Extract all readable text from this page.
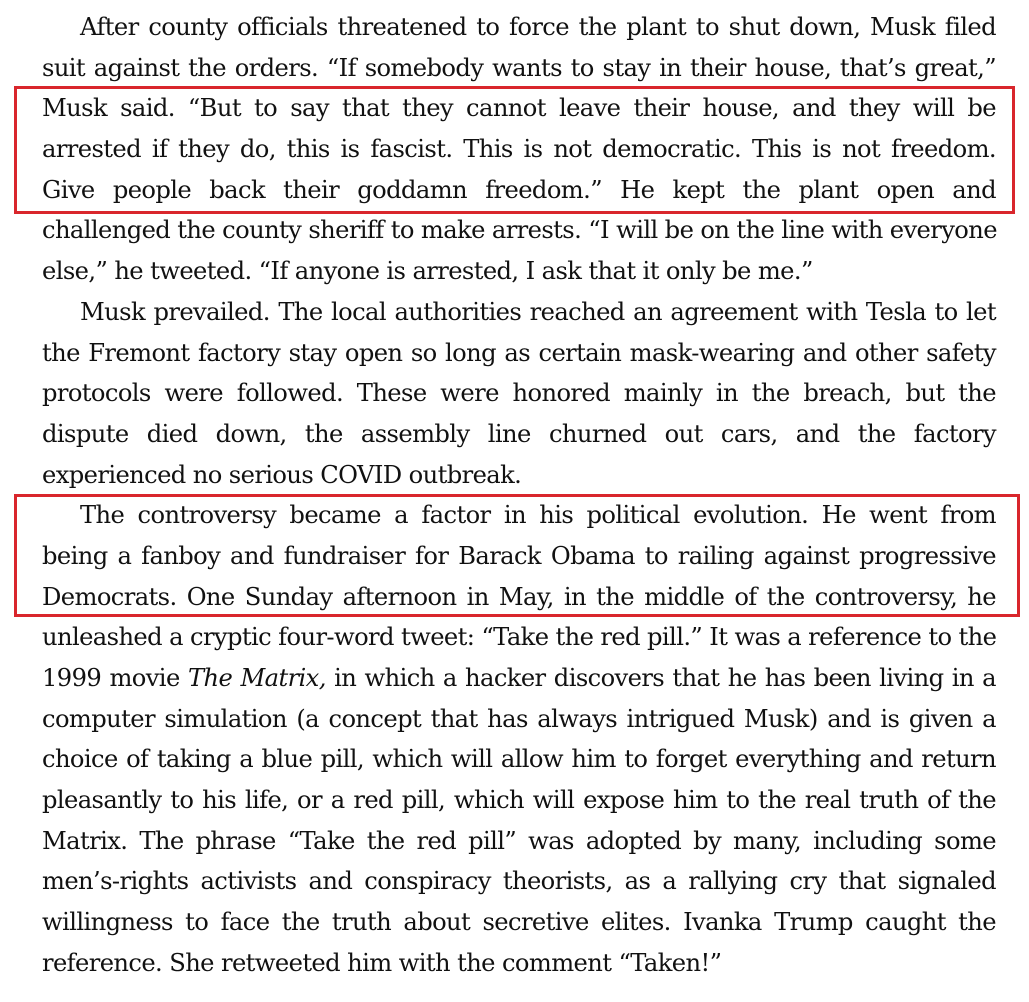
After county officials threatened to force the plant to shut down, Musk filed
suit against the orders. “If somebody wants to stay in their house, that’s great,”
Musk said. “But to say that they cannot leave their house, and they will be
arrested if they do, this is fascist. This is not democratic. This is not freedom.
Give people back their goddamn freedom.” He kept the plant open and
challenged the county sheriff to make arrests. “I will be on the line with everyone
else,” he tweeted. “If anyone is arrested, I ask that it only be me.”
Musk prevailed. The local authorities reached an agreement with Tesla to let
the Fremont factory stay open so long as certain mask-wearing and other safety
protocols were followed. These were honored mainly in the breach, but the
dispute died down, the assembly line churned out cars, and the factory
experienced no serious COVID outbreak.
The controversy became a factor in his political evolution. He went from
being a fanboy and fundraiser for Barack Obama to railing against progressive
Democrats. One Sunday afternoon in May, in the middle of the controversy, he
unleashed a cryptic four-word tweet: “Take the red pill.” It was a reference to the
1999 movie The Matrix, in which a hacker discovers that he has been living in a
computer simulation (a concept that has always intrigued Musk) and is given a
choice of taking a blue pill, which will allow him to forget everything and return
pleasantly to his life, or a red pill, which will expose him to the real truth of the
Matrix. The phrase “Take the red pill” was adopted by many, including some
men’s-rights activists and conspiracy theorists, as a rallying cry that signaled
willingness to face the truth about secretive elites. Ivanka Trump caught the
reference. She retweeted him with the comment “Taken!”
